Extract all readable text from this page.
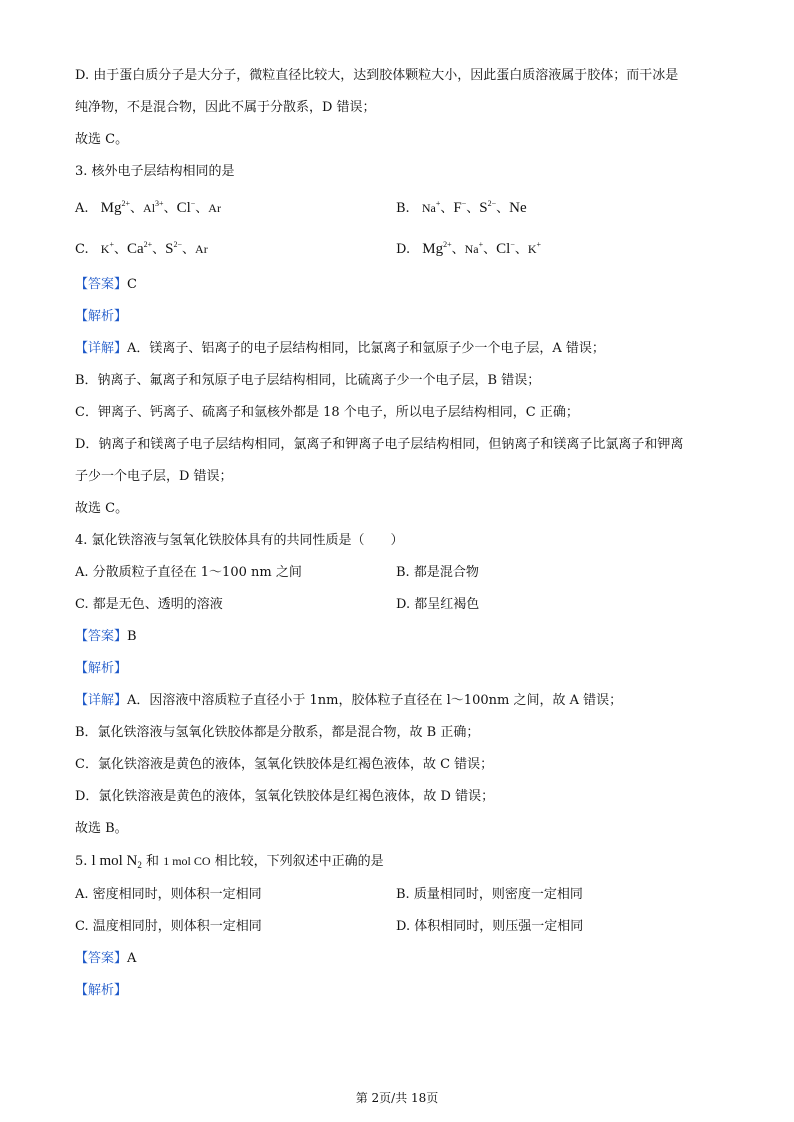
D. 由于蛋白质分子是大分子，微粒直径比较大，达到胶体颗粒大小，因此蛋白质溶液属于胶体；而干冰是
纯净物，不是混合物，因此不属于分散系，D 错误；
故选 C。
3. 核外电子层结构相同的是
A. $Mg^{2+}$、$Al^{3+}$、Cl−、Ar	B. Na+、F−、$S^{2-}$、Ne
C. K+、$Ca^{2+}$、$S^{2-}$、Ar	D. $Mg^{2+}$、Na+、Cl−、K+
【答案】C
【解析】
【详解】A．镁离子、铝离子的电子层结构相同，比氯离子和氩原子少一个电子层，A 错误；
B．钠离子、氟离子和氖原子电子层结构相同，比硫离子少一个电子层，B 错误；
C．钾离子、钙离子、硫离子和氩核外都是 18 个电子，所以电子层结构相同，C 正确；
D．钠离子和镁离子电子层结构相同，氯离子和钾离子电子层结构相同，但钠离子和镁离子比氯离子和钾离
子少一个电子层，D 错误；
故选 C。
4. 氯化铁溶液与氢氧化铁胶体具有的共同性质是（　　）
A. 分散质粒子直径在 1～100 nm 之间	B. 都是混合物
C. 都是无色、透明的溶液	D. 都呈红褐色
【答案】B
【解析】
【详解】A．因溶液中溶质粒子直径小于 1nm，胶体粒子直径在 l～100nm 之间，故 A 错误；
B．氯化铁溶液与氢氧化铁胶体都是分散系，都是混合物，故 B 正确；
C．氯化铁溶液是黄色的液体，氢氧化铁胶体是红褐色液体，故 C 错误；
D．氯化铁溶液是黄色的液体，氢氧化铁胶体是红褐色液体，故 D 错误；
故选 B。
5. l mol $N_2$ 和 1 mol CO 相比较，下列叙述中正确的是
A. 密度相同时，则体积一定相同	B. 质量相同时，则密度一定相同
C. 温度相同肘，则体积一定相同	D. 体积相同时，则压强一定相同
【答案】A
【解析】
第 2页/共 18页
